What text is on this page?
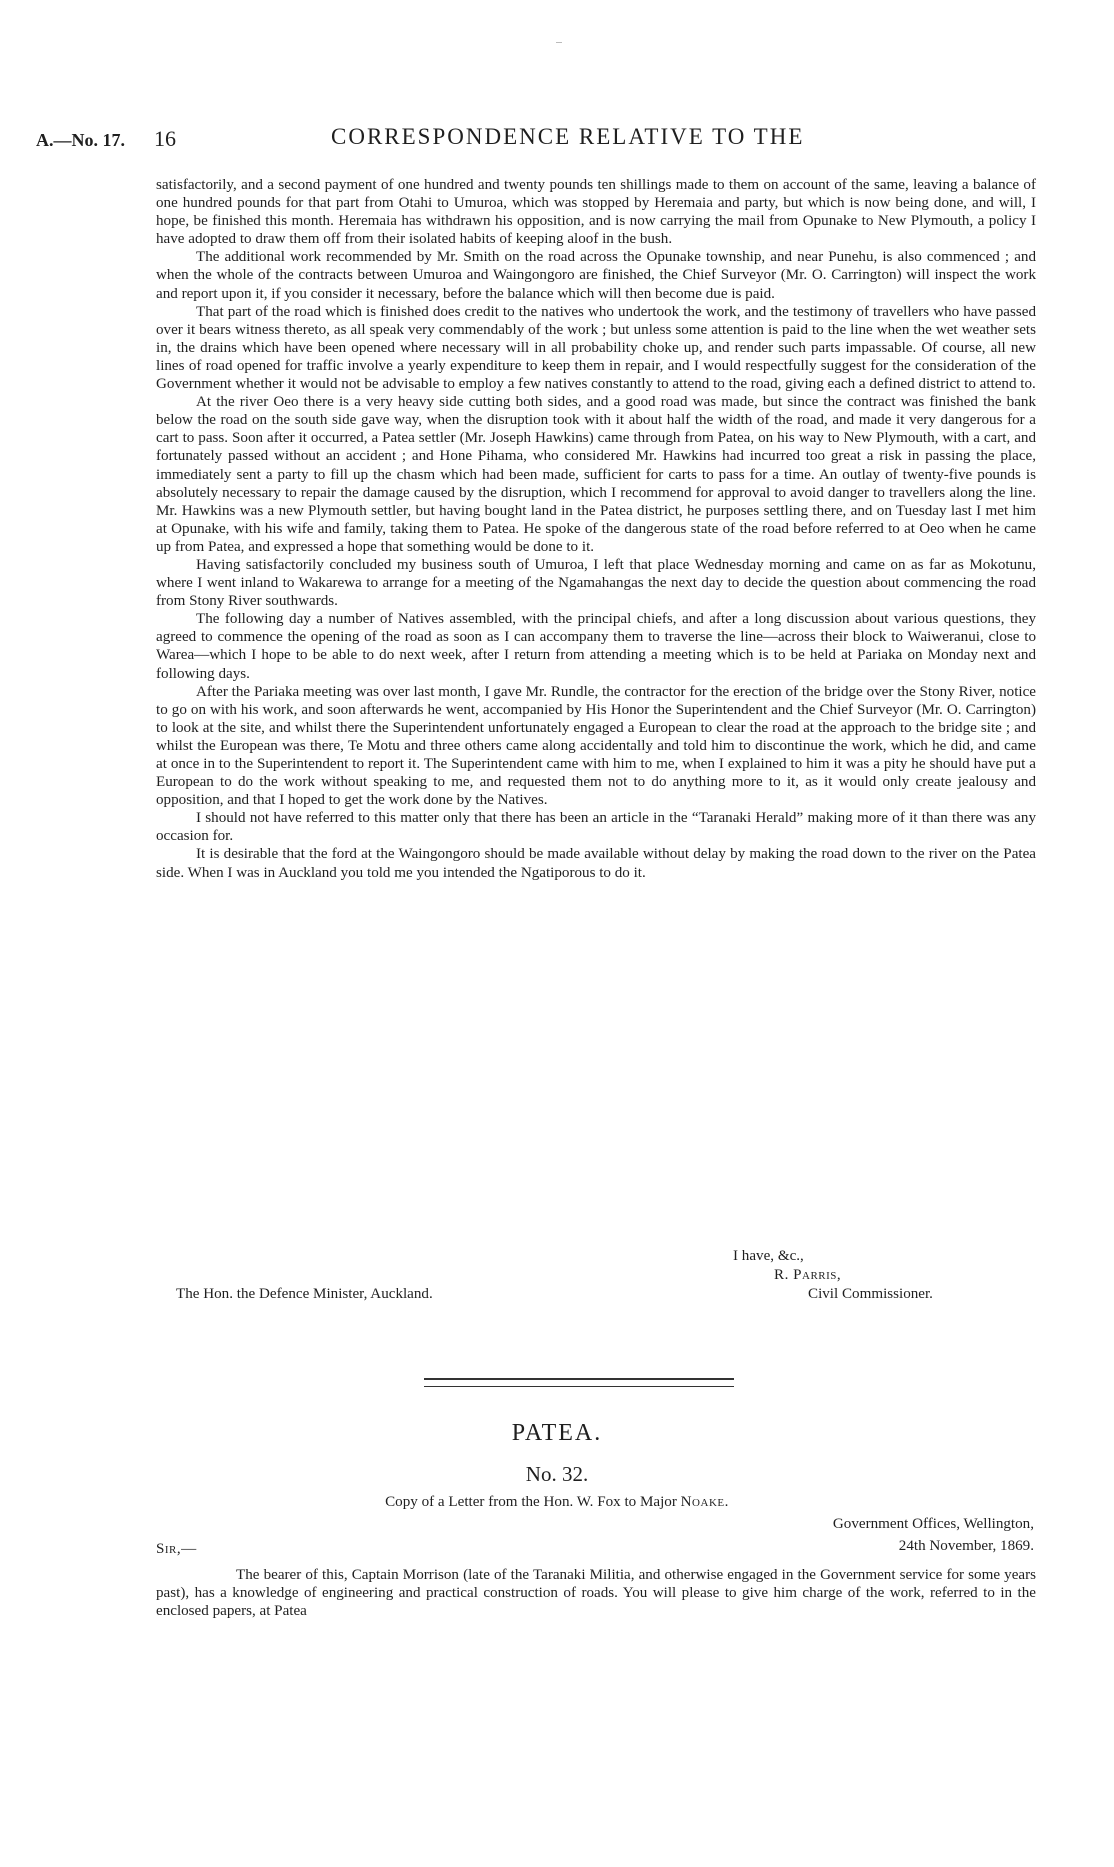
A.—No. 17. 16	CORRESPONDENCE RELATIVE TO THE

satisfactorily, and a second payment of one hundred and twenty pounds ten shillings made to them on account of the same, leaving a balance of one hundred pounds for that part from Otahi to Umuroa, which was stopped by Heremaia and party, but which is now being done, and will, I hope, be finished this month. Heremaia has withdrawn his opposition, and is now carrying the mail from Opunake to New Plymouth, a policy I have adopted to draw them off from their isolated habits of keeping aloof in the bush.

The additional work recommended by Mr. Smith on the road across the Opunake township, and near Punehu, is also commenced ; and when the whole of the contracts between Umuroa and Waingongoro are finished, the Chief Surveyor (Mr. O. Carrington) will inspect the work and report upon it, if you consider it necessary, before the balance which will then become due is paid.

That part of the road which is finished does credit to the natives who undertook the work, and the testimony of travellers who have passed over it bears witness thereto, as all speak very commendably of the work ; but unless some attention is paid to the line when the wet weather sets in, the drains which have been opened where necessary will in all probability choke up, and render such parts impassable. Of course, all new lines of road opened for traffic involve a yearly expenditure to keep them in repair, and I would respectfully suggest for the consideration of the Government whether it would not be advisable to employ a few natives constantly to attend to the road, giving each a defined district to attend to.

At the river Oeo there is a very heavy side cutting both sides, and a good road was made, but since the contract was finished the bank below the road on the south side gave way, when the disruption took with it about half the width of the road, and made it very dangerous for a cart to pass. Soon after it occurred, a Patea settler (Mr. Joseph Hawkins) came through from Patea, on his way to New Plymouth, with a cart, and fortunately passed without an accident ; and Hone Pihama, who considered Mr. Hawkins had incurred too great a risk in passing the place, immediately sent a party to fill up the chasm which had been made, sufficient for carts to pass for a time. An outlay of twenty-five pounds is absolutely necessary to repair the damage caused by the disruption, which I recommend for approval to avoid danger to travellers along the line. Mr. Hawkins was a new Plymouth settler, but having bought land in the Patea district, he purposes settling there, and on Tuesday last I met him at Opunake, with his wife and family, taking them to Patea. He spoke of the dangerous state of the road before referred to at Oeo when he came up from Patea, and expressed a hope that something would be done to it.

Having satisfactorily concluded my business south of Umuroa, I left that place Wednesday morning and came on as far as Mokotunu, where I went inland to Wakarewa to arrange for a meeting of the Ngamahangas the next day to decide the question about commencing the road from Stony River southwards.

The following day a number of Natives assembled, with the principal chiefs, and after a long discussion about various questions, they agreed to commence the opening of the road as soon as I can accompany them to traverse the line—across their block to Waiweranui, close to Warea—which I hope to be able to do next week, after I return from attending a meeting which is to be held at Pariaka on Monday next and following days.

After the Pariaka meeting was over last month, I gave Mr. Rundle, the contractor for the erection of the bridge over the Stony River, notice to go on with his work, and soon afterwards he went, accompanied by His Honor the Superintendent and the Chief Surveyor (Mr. O. Carrington) to look at the site, and whilst there the Superintendent unfortunately engaged a European to clear the road at the approach to the bridge site ; and whilst the European was there, Te Motu and three others came along accidentally and told him to discontinue the work, which he did, and came at once in to the Superintendent to report it. The Superintendent came with him to me, when I explained to him it was a pity he should have put a European to do the work without speaking to me, and requested them not to do anything more to it, as it would only create jealousy and opposition, and that I hoped to get the work done by the Natives.

I should not have referred to this matter only that there has been an article in the “Taranaki Herald” making more of it than there was any occasion for.

It is desirable that the ford at the Waingongoro should be made available without delay by making the road down to the river on the Patea side. When I was in Auckland you told me you intended the Ngatiporous to do it.

I have, &c.,
R. Parris,
Civil Commissioner.
The Hon. the Defence Minister, Auckland.
PATEA.
No. 32.
Copy of a Letter from the Hon. W. Fox to Major Noake.
Government Offices, Wellington,
24th November, 1869.
Sir,—

The bearer of this, Captain Morrison (late of the Taranaki Militia, and otherwise engaged in the Government service for some years past), has a knowledge of engineering and practical construction of roads. You will please to give him charge of the work, referred to in the enclosed papers, at Patea
